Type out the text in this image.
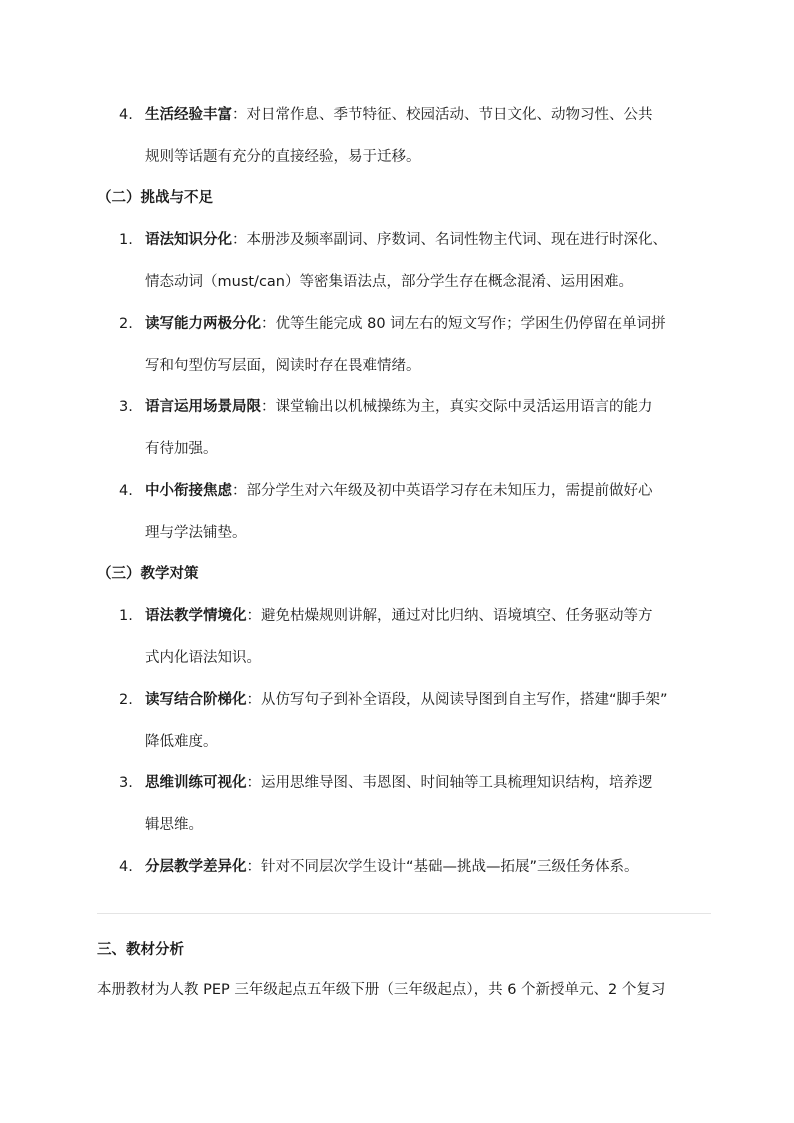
4. 生活经验丰富：对日常作息、季节特征、校园活动、节日文化、动物习性、公共
规则等话题有充分的直接经验，易于迁移。
（二）挑战与不足
1. 语法知识分化：本册涉及频率副词、序数词、名词性物主代词、现在进行时深化、
情态动词（must/can）等密集语法点，部分学生存在概念混淆、运用困难。
2. 读写能力两极分化：优等生能完成 80 词左右的短文写作；学困生仍停留在单词拼
写和句型仿写层面，阅读时存在畏难情绪。
3. 语言运用场景局限：课堂输出以机械操练为主，真实交际中灵活运用语言的能力
有待加强。
4. 中小衔接焦虑：部分学生对六年级及初中英语学习存在未知压力，需提前做好心
理与学法铺垫。
（三）教学对策
1. 语法教学情境化：避免枯燥规则讲解，通过对比归纳、语境填空、任务驱动等方
式内化语法知识。
2. 读写结合阶梯化：从仿写句子到补全语段，从阅读导图到自主写作，搭建“脚手架”
降低难度。
3. 思维训练可视化：运用思维导图、韦恩图、时间轴等工具梳理知识结构，培养逻
辑思维。
4. 分层教学差异化：针对不同层次学生设计“基础—挑战—拓展”三级任务体系。
三、教材分析
本册教材为人教 PEP 三年级起点五年级下册（三年级起点），共 6 个新授单元、2 个复习
